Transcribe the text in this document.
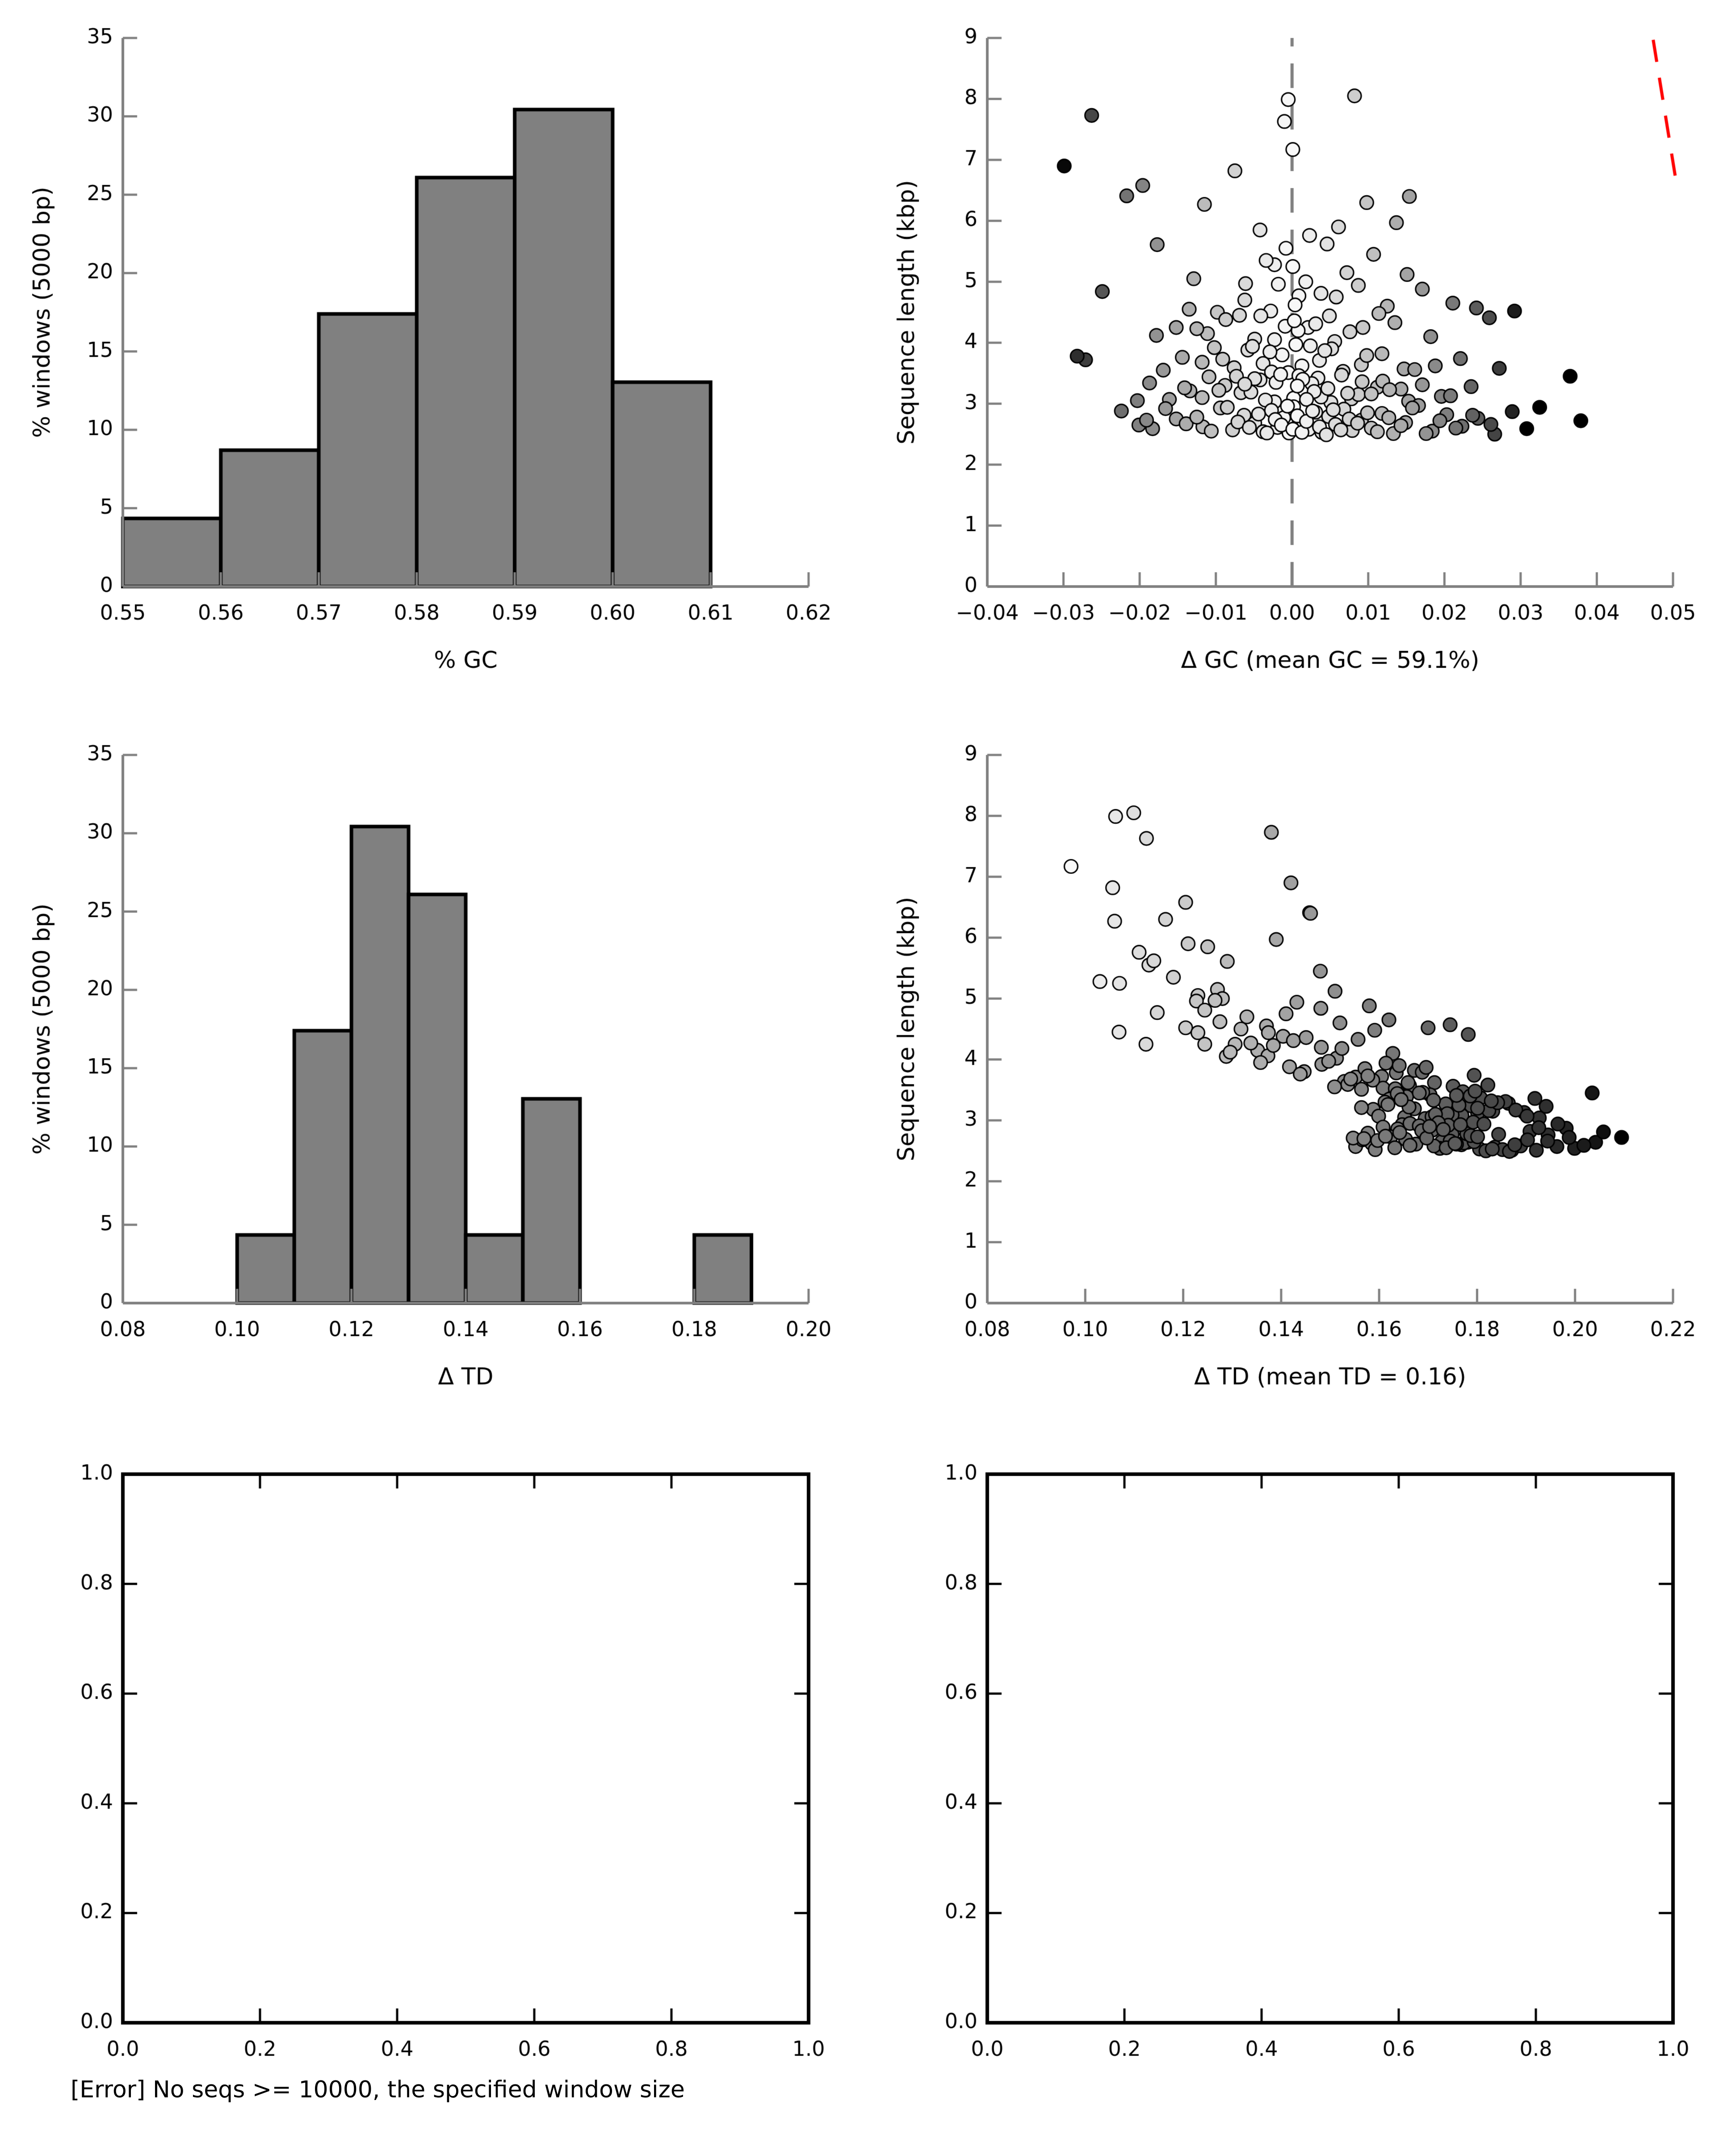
[Error] No seqs >= 10000, the specified window size
